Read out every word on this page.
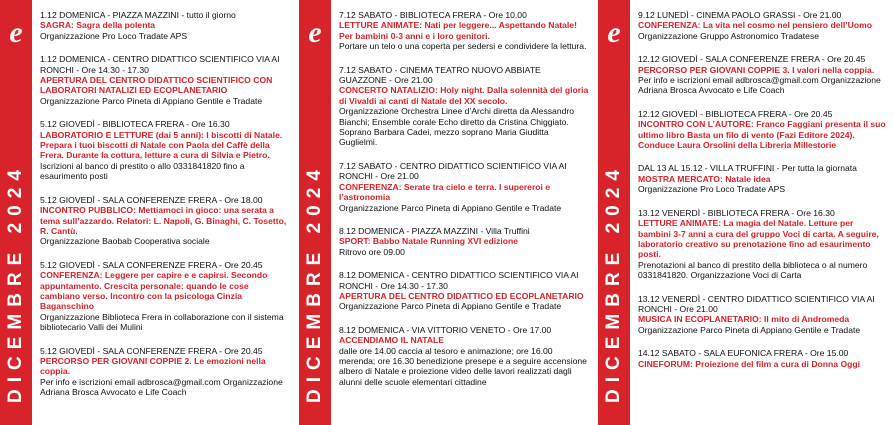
e
DICEMBRE 2024
1.12 DOMENICA - PIAZZA MAZZINI - tutto il giorno
SAGRA: Sagra della polenta
Organizzazione Pro Loco Tradate APS
1.12 DOMENICA - CENTRO DIDATTICO SCIENTIFICO VIA AI RONCHI - Ore 14.30 - 17.30
APERTURA DEL CENTRO DIDATTICO SCIENTIFICO CON LABORATORI NATALIZI ED ECOPLANETARIO
Organizzazione Parco Pineta di Appiano Gentile e Tradate
5.12 GIOVEDÌ - BIBLIOTECA FRERA - Ore 16.30
LABORATORIO E LETTURE (dai 5 anni): I biscotti di Natale. Prepara i tuoi biscotti di Natale con Paola del Caffè della Frera. Durante la cottura, letture a cura di Silvia e Pietro.
Iscrizioni al banco di prestito o allo 0331841820 fino a esaurimento posti
5.12 GIOVEDÌ - SALA CONFERENZE FRERA - Ore 18.00
INCONTRO PUBBLICO: Mettiamoci in gioco: una serata a tema sull’azzardo. Relatori: L. Napoli, G. Binaghi, C. Tosetto, R. Cantù.
Organizzazione Baobab Cooperativa sociale
5.12 GIOVEDÌ - SALA CONFERENZE FRERA - Ore 20.45
CONFERENZA: Leggere per capire e e capirsi. Secondo appuntamento. Crescita personale: quando le cose cambiano verso. Incontro con la psicologa Cinzia Baganschino
Organizzazione Biblioteca Frera in collaborazione con il sistema bibliotecario Valli dei Mulini
5.12 GIOVEDÌ - SALA CONFERENZE FRERA - Ore 20.45
PERCORSO PER GIOVANI COPPIE 2. Le emozioni nella coppia.
Per info e iscrizioni email adbrosca@gmail.com Organizzazione Adriana Brosca Avvocato e Life Coach
e
DICEMBRE 2024
7.12 SABATO - BIBLIOTECA FRERA - Ore 10.00
LETTURE ANIMATE: Nati per leggere... Aspettando Natale! Per bambini 0-3 anni e i loro genitori.
Portare un telo o una coperta per sedersi e condividere la lettura.
7.12 SABATO - CINEMA TEATRO NUOVO ABBIATE GUAZZONE - Ore 21.00
CONCERTO NATALIZIO: Holy night. Dalla solennità del gloria di Vivaldi ai canti di Natale del XX secolo.
Organizzazione Orchestra Linee d’Archi diretta da Alessandro Bianchi; Ensemble corale Echo diretto da Cristina Chiggiato. Soprano Barbara Cadei, mezzo soprano Maria Giuditta Guglielmi.
7.12 SABATO - CENTRO DIDATTICO SCIENTIFICO VIA AI RONCHI - Ore 21.00
CONFERENZA: Serate tra cielo e terra. I supereroi e l’astronomia
Organizzazione Parco Pineta di Appiano Gentile e Tradate
8.12 DOMENICA - PIAZZA MAZZINI - Villa Truffini
SPORT: Babbo Natale Running XVI edizione
Ritrovo ore 09.00
8.12 DOMENICA - CENTRO DIDATTICO SCIENTIFICO VIA AI RONCHI - Ore 14.30 - 17.30
APERTURA DEL CENTRO DIDATTICO ED ECOPLANETARIO
Organizzazione Parco Pineta di Appiano Gentile e Tradate
8.12 DOMENICA - VIA VITTORIO VENETO - Ore 17.00
ACCENDIAMO IL NATALE
dalle ore 14.00 caccia al tesoro e animazione; ore 16.00 merenda; ore 16.30 benedizione presepe e a seguire accensione albero di Natale e proiezione video delle lavori realizzati dagli alunni delle scuole elementari cittadine
e
DICEMBRE 2024
9.12 LUNEDÌ - CINEMA PAOLO GRASSI - Ore 21.00
CONFERENZA: La vita nel cosmo nel pensiero dell’Uomo
Organizzazione Gruppo Astronomico Tradatese
12.12 GIOVEDÌ - SALA CONFERENZE FRERA - Ore 20.45
PERCORSO PER GIOVANI COPPIE 3. I valori nella coppia.
Per info e iscrizioni email adbrosca@gmail.com Organizzazione Adriana Brosca Avvocato e Life Coach
12.12 GIOVEDÌ - BIBLIOTECA FRERA - Ore 20.45
INCONTRO CON L’AUTORE: Franco Faggiani presenta il suo ultimo libro Basta un filo di vento (Fazi Editore 2024). Conduce Laura Orsolini della Libreria Millestorie
DAL 13 AL 15.12 - VILLA TRUFFINI - Per tutta la giornata
MOSTRA MERCATO: Natale idea
Organizzazione Pro Loco Tradate APS
13.12 VENERDÌ - BIBLIOTECA FRERA - Ore 16.30
LETTURE ANIMATE: La magia del Natale. Letture per bambini 3-7 anni a cura del gruppo Voci di carta. A seguire, laboratorio creativo su prenotazione fino ad esaurimento posti.
Prenotazioni al banco di prestito della biblioteca o al numero 0331841820. Organizzazione Voci di Carta
13.12 VENERDÌ - CENTRO DIDATTICO SCIENTIFICO VIA AI RONCHI - Ore 21.00
MUSICA IN ECOPLANETARIO: Il mito di Andromeda
Organizzazione Parco Pineta di Appiano Gentile e Tradate
14.12 SABATO - SALA EUFONICA FRERA - Ore 15.00
CINEFORUM: Proiezione del film a cura di Donna Oggi
